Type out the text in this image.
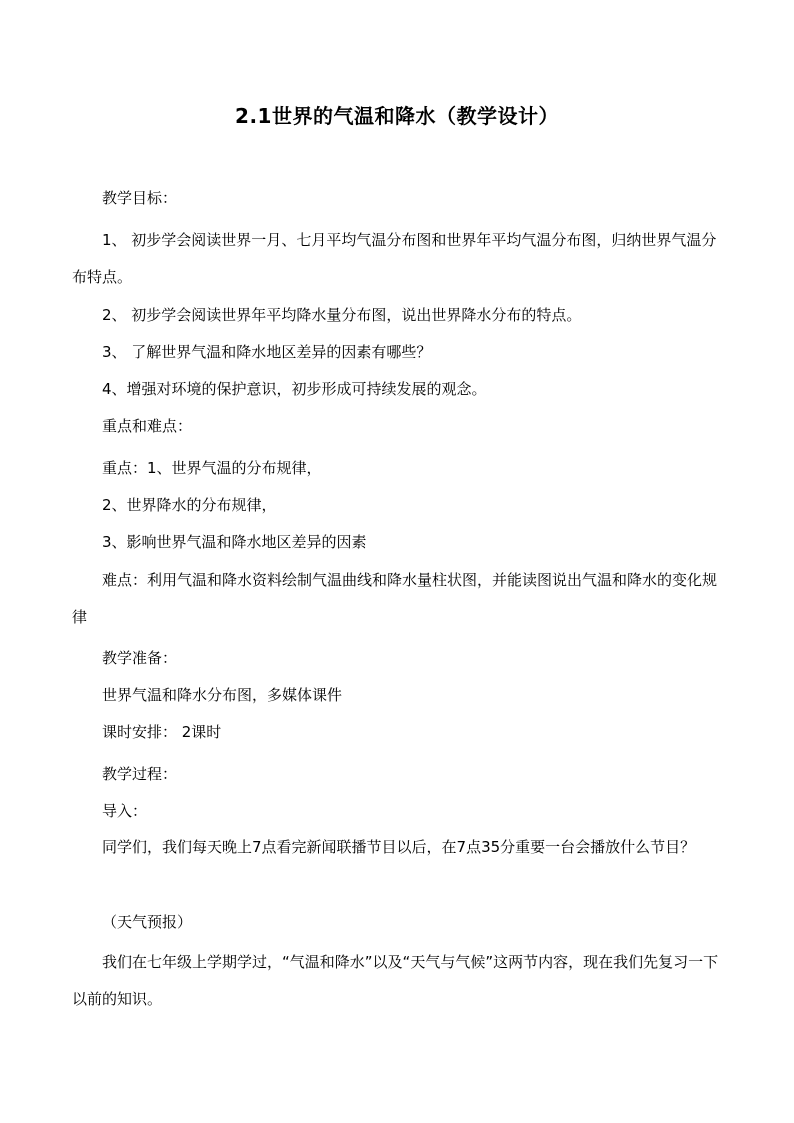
2.1世界的气温和降水（教学设计）
教学目标：
1、 初步学会阅读世界一月、七月平均气温分布图和世界年平均气温分布图，归纳世界气温分布特点。
2、 初步学会阅读世界年平均降水量分布图，说出世界降水分布的特点。
3、 了解世界气温和降水地区差异的因素有哪些？
4、增强对环境的保护意识，初步形成可持续发展的观念。
重点和难点：
重点：1、世界气温的分布规律，
2、世界降水的分布规律，
3、影响世界气温和降水地区差异的因素
难点：利用气温和降水资料绘制气温曲线和降水量柱状图，并能读图说出气温和降水的变化规律
教学准备：
世界气温和降水分布图，多媒体课件
课时安排： 2课时
教学过程：
导入：
同学们，我们每天晚上7点看完新闻联播节目以后，在7点35分重要一台会播放什么节目？
（天气预报）
我们在七年级上学期学过，“气温和降水”以及“天气与气候”这两节内容，现在我们先复习一下以前的知识。
